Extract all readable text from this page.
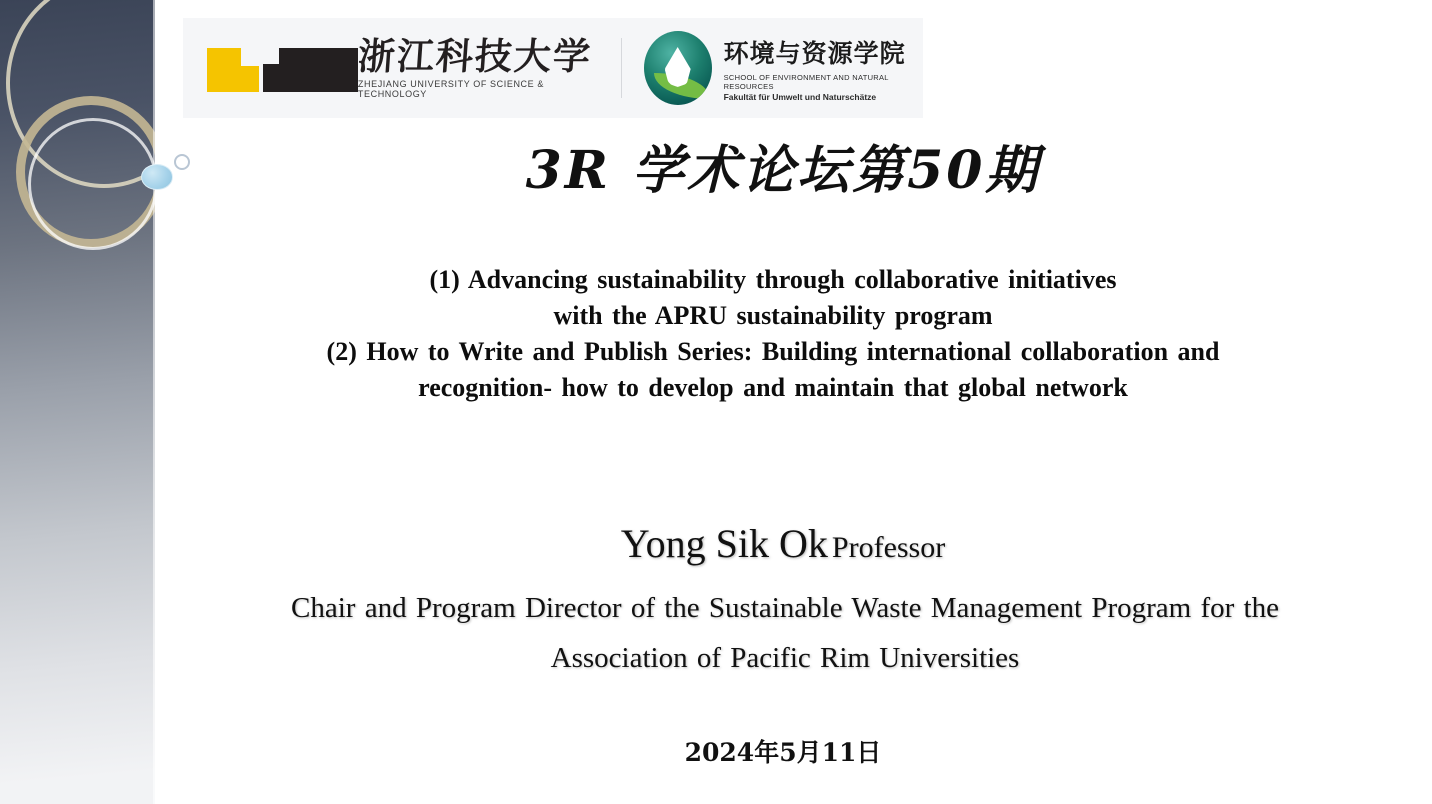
浙江科技大学
ZHEJIANG UNIVERSITY OF SCIENCE & TECHNOLOGY
环境与资源学院
SCHOOL OF ENVIRONMENT AND NATURAL RESOURCES
Fakultät für Umwelt und Naturschätze
3R 学术论坛第50期
(1) Advancing sustainability through collaborative initiatives
with the APRU sustainability program
(2) How to Write and Publish Series: Building international collaboration and
recognition- how to develop and maintain that global network
Yong Sik Ok Professor
Chair and Program Director of the Sustainable Waste Management Program for the
Association of Pacific Rim Universities
2024年5月11日
